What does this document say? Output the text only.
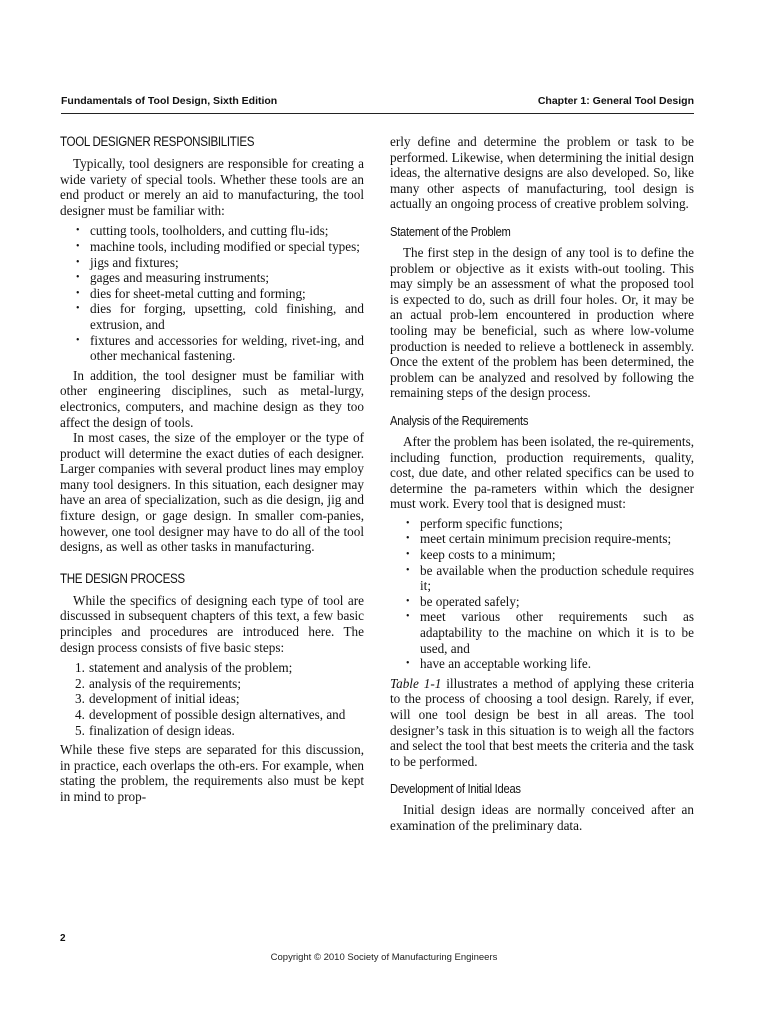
Fundamentals of Tool Design, Sixth Edition	Chapter 1: General Tool Design
TOOL DESIGNER RESPONSIBILITIES

Typically, tool designers are responsible for creating a wide variety of special tools. Whether these tools are an end product or merely an aid to manufacturing, the tool designer must be familiar with:

• cutting tools, toolholders, and cutting flu-ids;
• machine tools, including modified or special types;
• jigs and fixtures;
• gages and measuring instruments;
• dies for sheet-metal cutting and forming;
• dies for forging, upsetting, cold finishing, and extrusion, and
• fixtures and accessories for welding, rivet-ing, and other mechanical fastening.

In addition, the tool designer must be familiar with other engineering disciplines, such as metal-lurgy, electronics, computers, and machine design as they too affect the design of tools.

In most cases, the size of the employer or the type of product will determine the exact duties of each designer. Larger companies with several product lines may employ many tool designers. In this situation, each designer may have an area of specialization, such as die design, jig and fixture design, or gage design. In smaller com-panies, however, one tool designer may have to do all of the tool designs, as well as other tasks in manufacturing.

THE DESIGN PROCESS

While the specifics of designing each type of tool are discussed in subsequent chapters of this text, a few basic principles and procedures are introduced here. The design process consists of five basic steps:

1. statement and analysis of the problem;
2. analysis of the requirements;
3. development of initial ideas;
4. development of possible design alternatives, and
5. finalization of design ideas.

While these five steps are separated for this discussion, in practice, each overlaps the oth-ers. For example, when stating the problem, the requirements also must be kept in mind to prop-

erly define and determine the problem or task to be performed. Likewise, when determining the initial design ideas, the alternative designs are also developed. So, like many other aspects of manufacturing, tool design is actually an ongoing process of creative problem solving.

Statement of the Problem

The first step in the design of any tool is to define the problem or objective as it exists with-out tooling. This may simply be an assessment of what the proposed tool is expected to do, such as drill four holes. Or, it may be an actual prob-lem encountered in production where tooling may be beneficial, such as where low-volume production is needed to relieve a bottleneck in assembly. Once the extent of the problem has been determined, the problem can be analyzed and resolved by following the remaining steps of the design process.

Analysis of the Requirements

After the problem has been isolated, the re-quirements, including function, production requirements, quality, cost, due date, and other related specifics can be used to determine the pa-rameters within which the designer must work. Every tool that is designed must:

• perform specific functions;
• meet certain minimum precision require-ments;
• keep costs to a minimum;
• be available when the production schedule requires it;
• be operated safely;
• meet various other requirements such as adaptability to the machine on which it is to be used, and
• have an acceptable working life.

Table 1-1 illustrates a method of applying these criteria to the process of choosing a tool design. Rarely, if ever, will one tool design be best in all areas. The tool designer’s task in this situation is to weigh all the factors and select the tool that best meets the criteria and the task to be performed.

Development of Initial Ideas

Initial design ideas are normally conceived after an examination of the preliminary data.

2
Copyright © 2010 Society of Manufacturing Engineers
